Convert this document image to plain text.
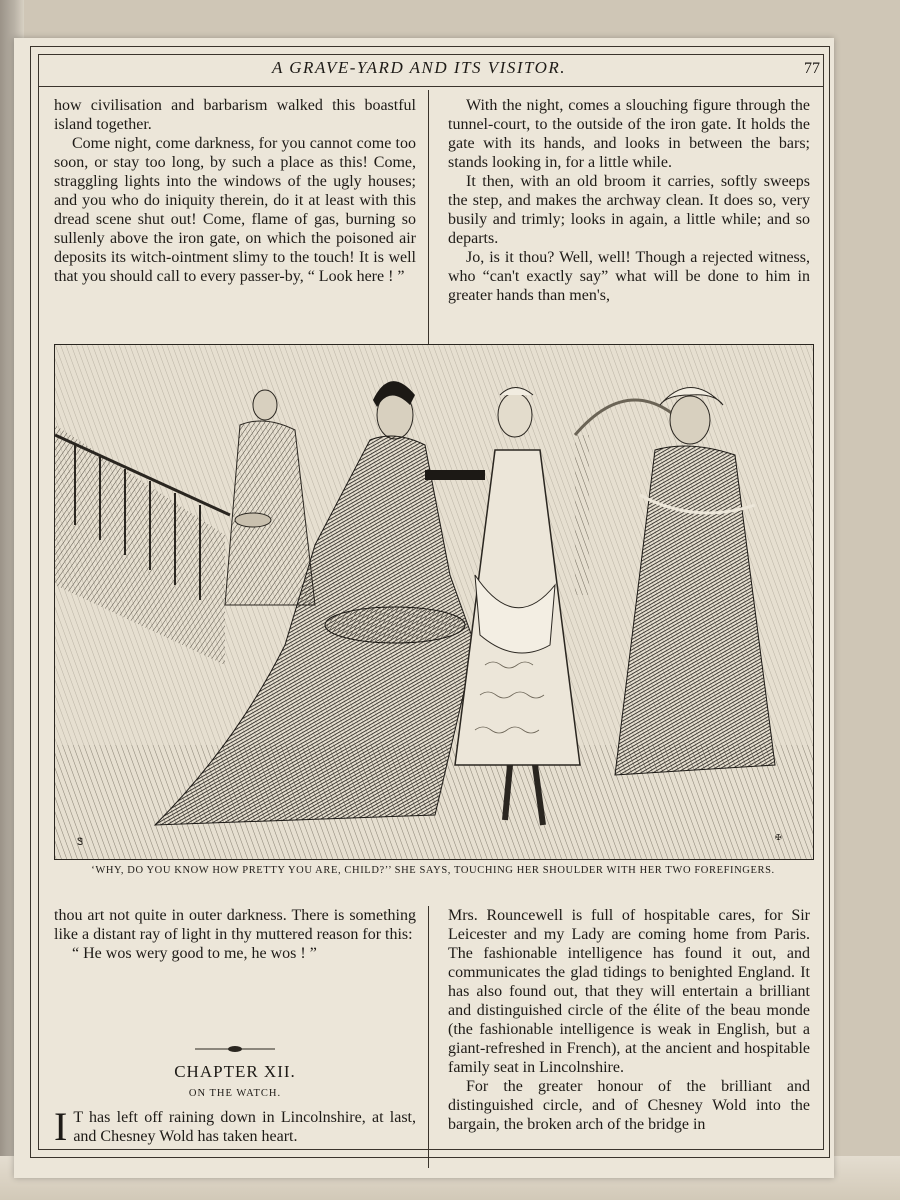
A GRAVE-YARD AND ITS VISITOR.	77

how civilisation and barbarism walked this boastful island together.

Come night, come darkness, for you cannot come too soon, or stay too long, by such a place as this! Come, straggling lights into the windows of the ugly houses; and you who do iniquity therein, do it at least with this dread scene shut out! Come, flame of gas, burning so sullenly above the iron gate, on which the poisoned air deposits its witch-ointment slimy to the touch! It is well that you should call to every passer-by, “ Look here ! ”

With the night, comes a slouching figure through the tunnel-court, to the outside of the iron gate. It holds the gate with its hands, and looks in between the bars; stands looking in, for a little while.

It then, with an old broom it carries, softly sweeps the step, and makes the archway clean. It does so, very busily and trimly; looks in again, a little while; and so departs.

Jo, is it thou? Well, well! Though a rejected witness, who “can't exactly say” what will be done to him in greater hands than men's,

Ꮥ	✠
‘WHY, DO YOU KNOW HOW PRETTY YOU ARE, CHILD?’’ SHE SAYS, TOUCHING HER SHOULDER WITH HER TWO FOREFINGERS.

thou art not quite in outer darkness. There is something like a distant ray of light in thy muttered reason for this:

“ He wos wery good to me, he wos ! ”

CHAPTER XII.
ON THE WATCH.
I T has left off raining down in Lincolnshire, at last, and Chesney Wold has taken heart.

Mrs. Rouncewell is full of hospitable cares, for Sir Leicester and my Lady are coming home from Paris. The fashionable intelligence has found it out, and communicates the glad tidings to benighted England. It has also found out, that they will entertain a brilliant and distinguished circle of the élite of the beau monde (the fashionable intelligence is weak in English, but a giant-refreshed in French), at the ancient and hospitable family seat in Lincolnshire.

For the greater honour of the brilliant and distinguished circle, and of Chesney Wold into the bargain, the broken arch of the bridge in
